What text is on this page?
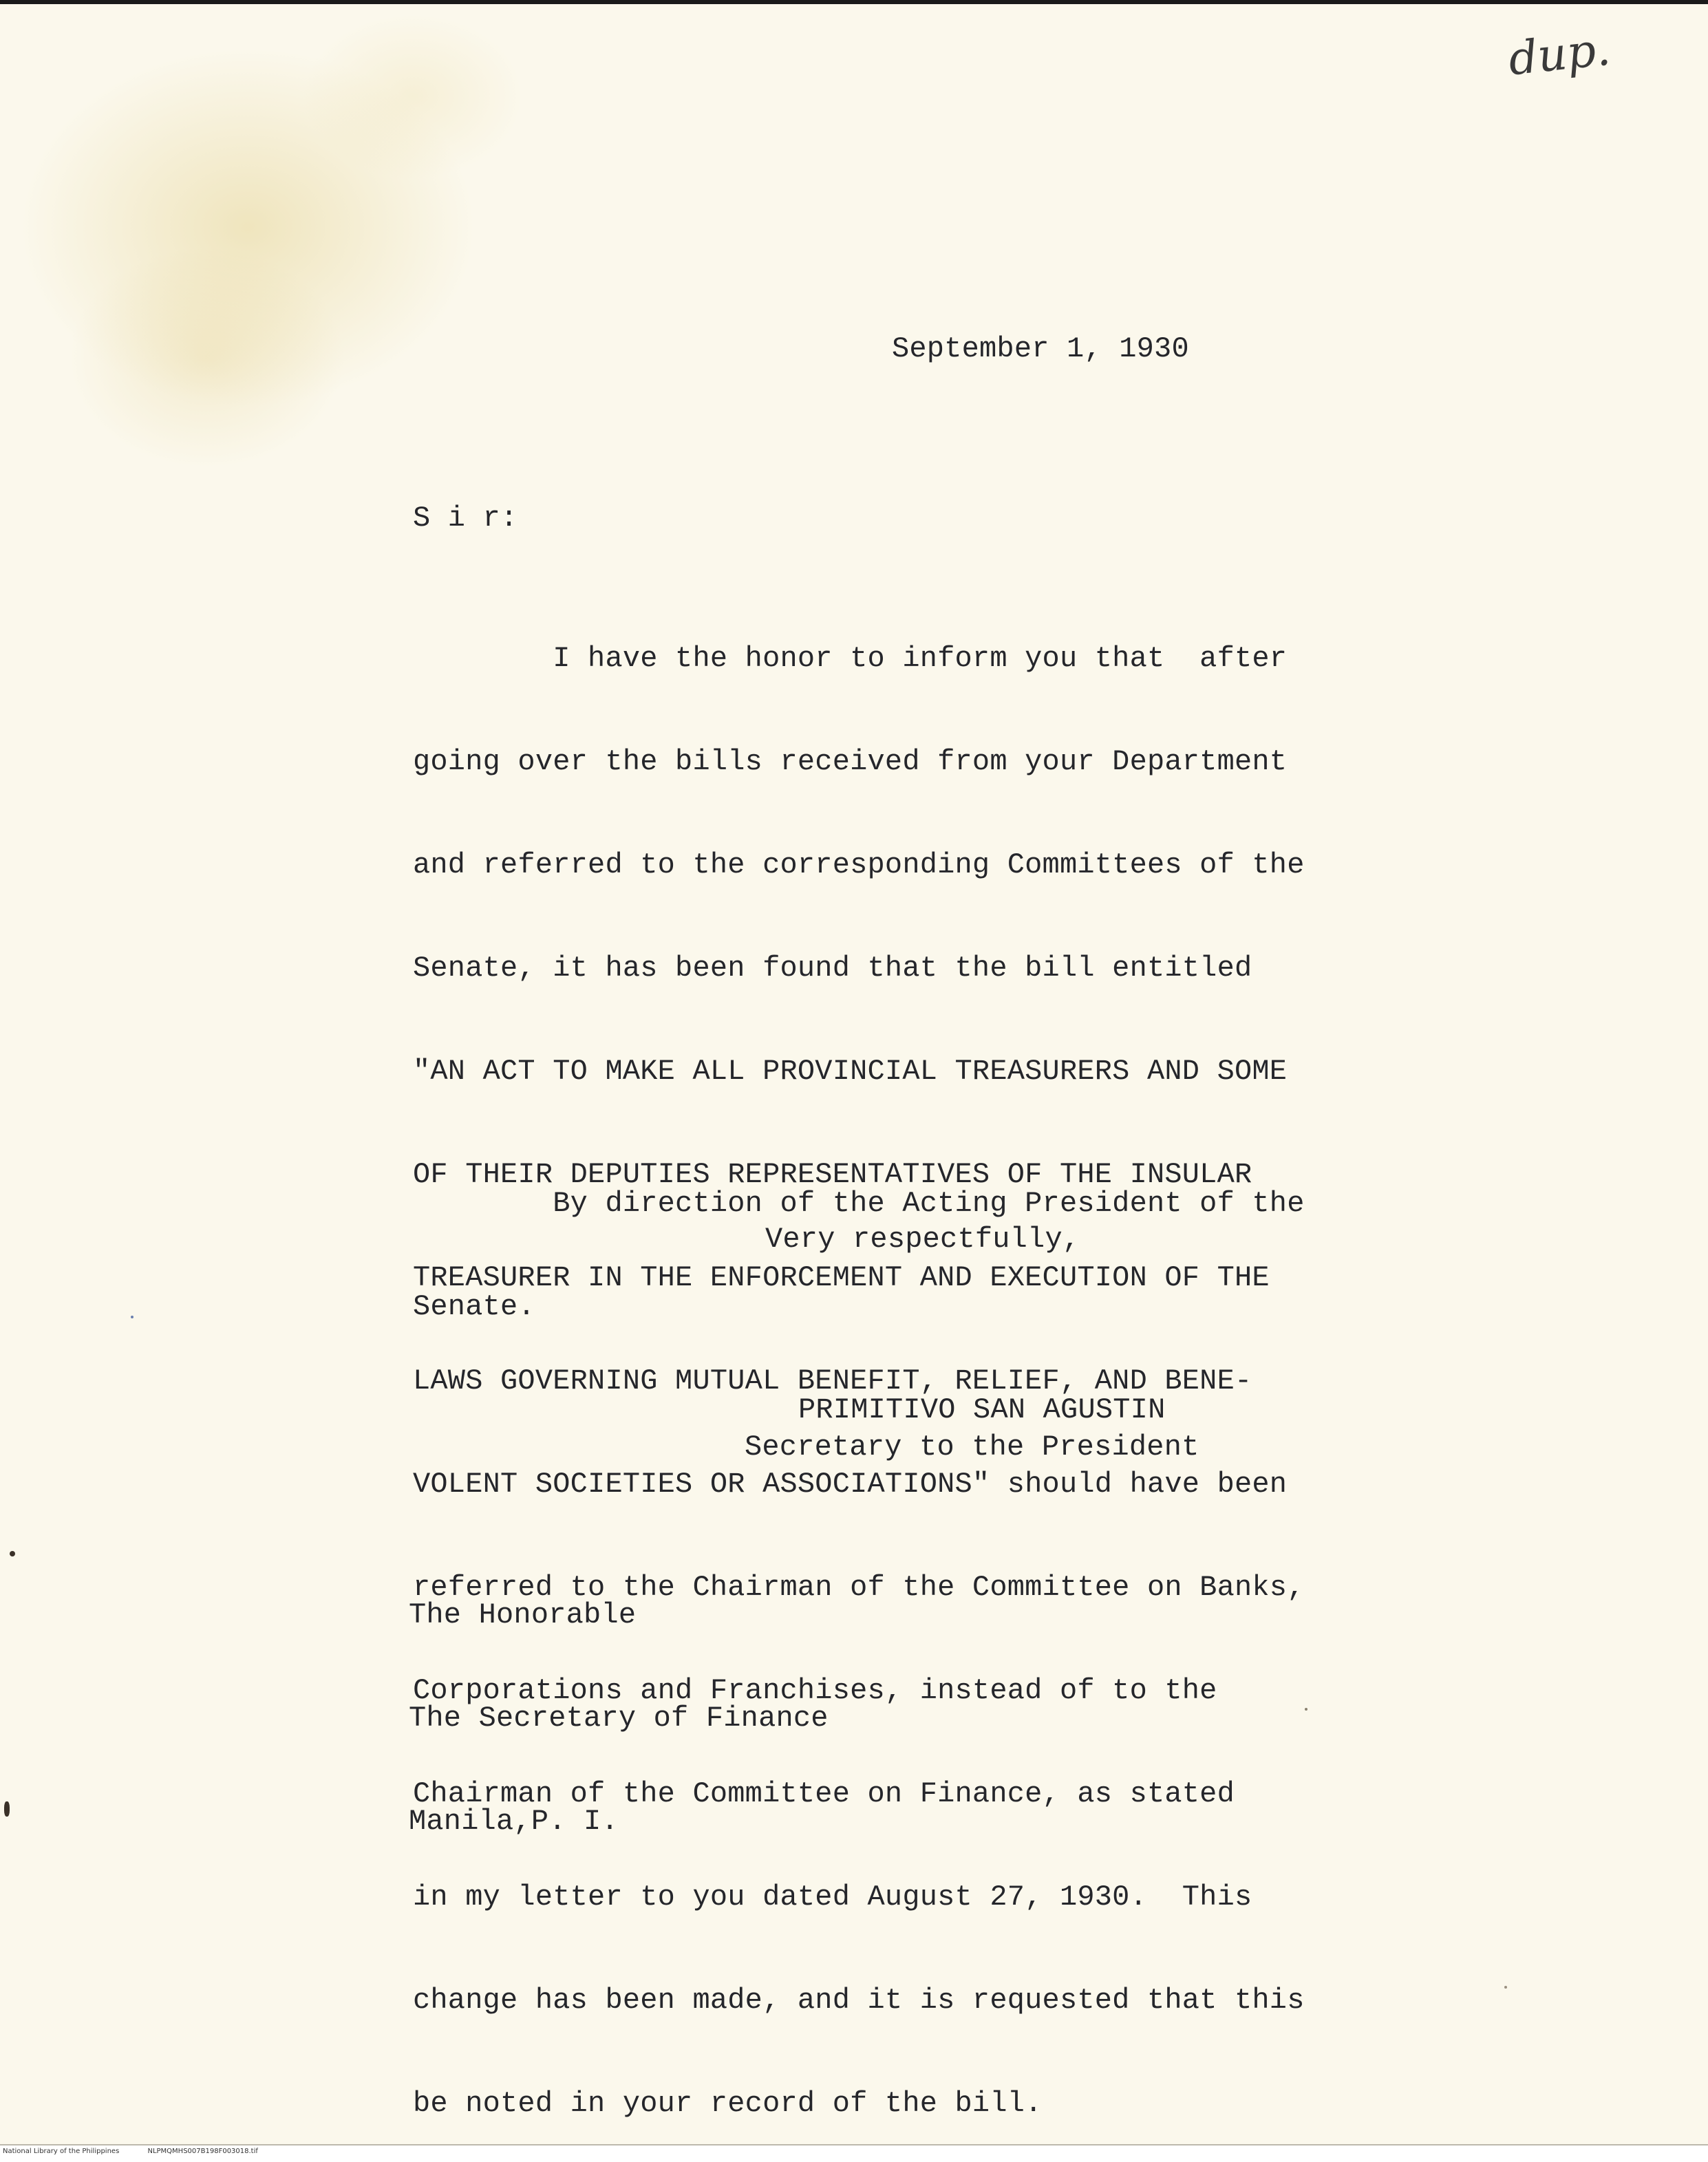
dup.
September 1, 1930
S i r:

I have the honor to inform you that  after

going over the bills received from your Department

and referred to the corresponding Committees of the

Senate, it has been found that the bill entitled

"AN ACT TO MAKE ALL PROVINCIAL TREASURERS AND SOME

OF THEIR DEPUTIES REPRESENTATIVES OF THE INSULAR

TREASURER IN THE ENFORCEMENT AND EXECUTION OF THE

LAWS GOVERNING MUTUAL BENEFIT, RELIEF, AND BENE-

VOLENT SOCIETIES OR ASSOCIATIONS" should have been

referred to the Chairman of the Committee on Banks,

Corporations and Franchises, instead of to the

Chairman of the Committee on Finance, as stated

in my letter to you dated August 27, 1930.  This

change has been made, and it is requested that this

be noted in your record of the bill.

By direction of the Acting President of the

Senate.

Very respectfully,
PRIMITIVO SAN AGUSTIN
Secretary to the President

The Honorable

The Secretary of Finance

Manila,P. I.

National Library of the Philippines	NLPMQMHS007B198F003018.tif
